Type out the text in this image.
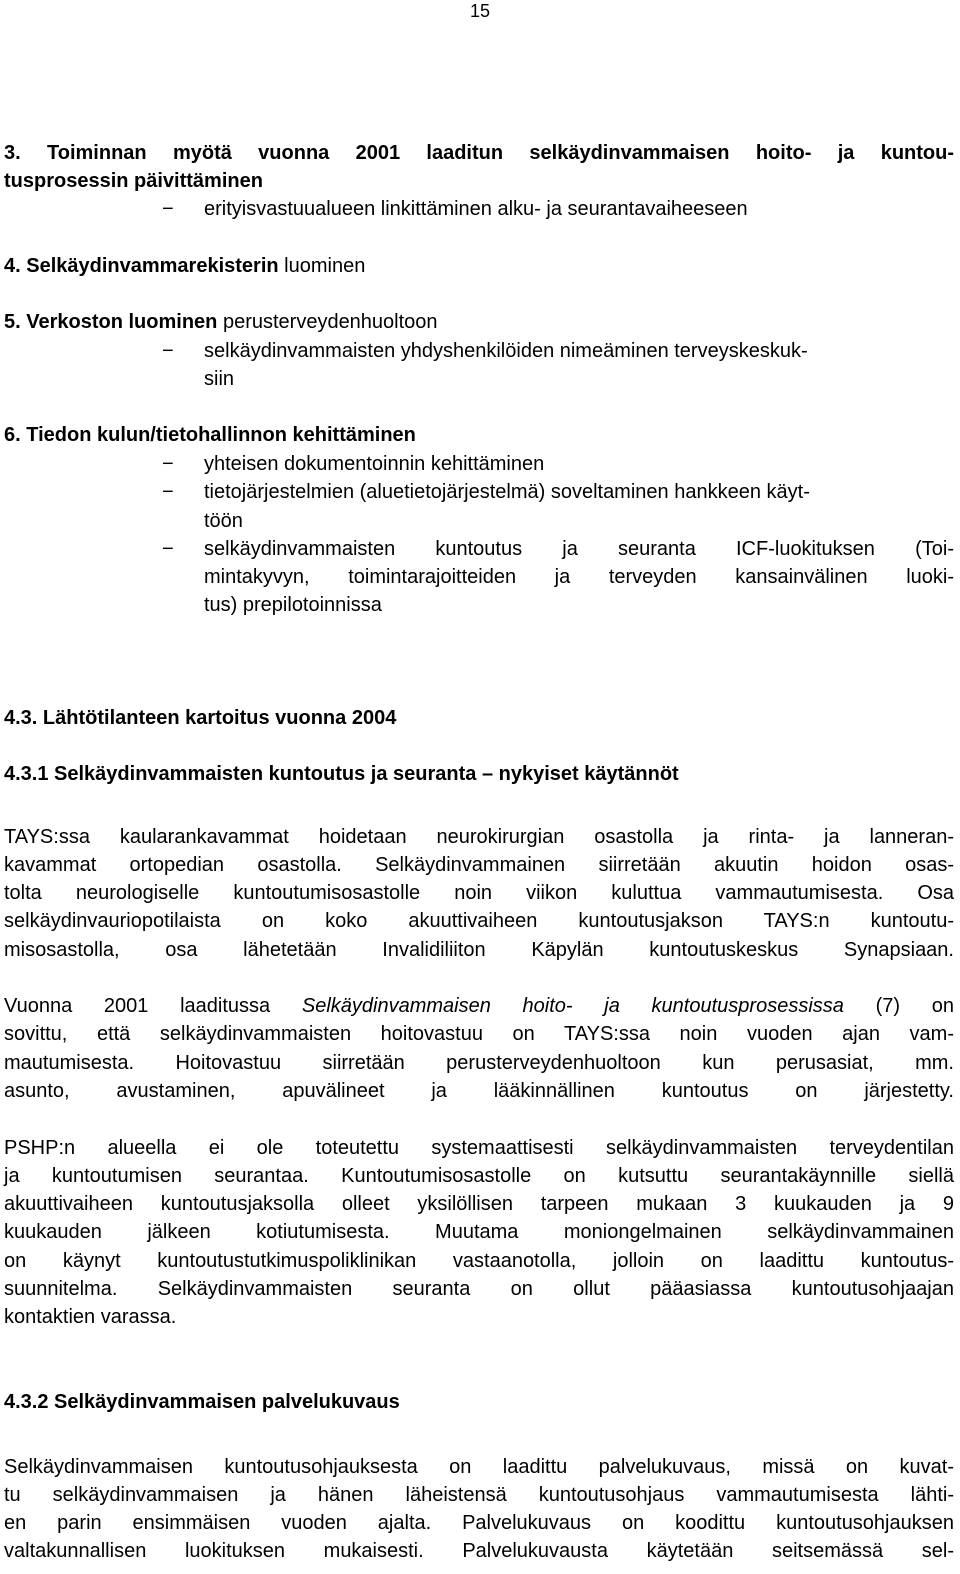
15
3. Toiminnan myötä vuonna 2001 laaditun selkäydinvammaisen hoito- ja kuntou-
tusprosessin päivittäminen
− erityisvastuualueen linkittäminen alku- ja seurantavaiheeseen
4. Selkäydinvammarekisterin luominen
5. Verkoston luominen perusterveydenhuoltoon
− selkäydinvammaisten yhdyshenkilöiden nimeäminen terveyskeskuk-
siin
6. Tiedon kulun/tietohallinnon kehittäminen
− yhteisen dokumentoinnin kehittäminen
− tietojärjestelmien (aluetietojärjestelmä) soveltaminen hankkeen käyt-
töön
− selkäydinvammaisten kuntoutus ja seuranta ICF-luokituksen (Toi-
mintakyvyn, toimintarajoitteiden ja terveyden kansainvälinen luoki-
tus) prepilotoinnissa
4.3. Lähtötilanteen kartoitus vuonna 2004
4.3.1 Selkäydinvammaisten kuntoutus ja seuranta – nykyiset käytännöt
TAYS:ssa kaularankavammat hoidetaan neurokirurgian osastolla ja rinta- ja lanneran-
kavammat ortopedian osastolla. Selkäydinvammainen siirretään akuutin hoidon osas-
tolta neurologiselle kuntoutumisosastolle noin viikon kuluttua vammautumisesta. Osa
selkäydinvauriopotilaista on koko akuuttivaiheen kuntoutusjakson TAYS:n kuntoutu-
misosastolla, osa lähetetään Invalidiliiton Käpylän kuntoutuskeskus Synapsiaan.
Vuonna 2001 laaditussa Selkäydinvammaisen hoito- ja kuntoutusprosessissa (7) on
sovittu, että selkäydinvammaisten hoitovastuu on TAYS:ssa noin vuoden ajan vam-
mautumisesta. Hoitovastuu siirretään perusterveydenhuoltoon kun perusasiat, mm.
asunto, avustaminen, apuvälineet ja lääkinnällinen kuntoutus on järjestetty.
PSHP:n alueella ei ole toteutettu systemaattisesti selkäydinvammaisten terveydentilan
ja kuntoutumisen seurantaa. Kuntoutumisosastolle on kutsuttu seurantakäynnille siellä
akuuttivaiheen kuntoutusjaksolla olleet yksilöllisen tarpeen mukaan 3 kuukauden ja 9
kuukauden jälkeen kotiutumisesta. Muutama moniongelmainen selkäydinvammainen
on käynyt kuntoutustutkimuspoliklinikan vastaanotolla, jolloin on laadittu kuntoutus-
suunnitelma. Selkäydinvammaisten seuranta on ollut pääasiassa kuntoutusohjaajan
kontaktien varassa.
4.3.2 Selkäydinvammaisen palvelukuvaus
Selkäydinvammaisen kuntoutusohjauksesta on laadittu palvelukuvaus, missä on kuvat-
tu selkäydinvammaisen ja hänen läheistensä kuntoutusohjaus vammautumisesta lähti-
en parin ensimmäisen vuoden ajalta. Palvelukuvaus on koodittu kuntoutusohjauksen
valtakunnallisen luokituksen mukaisesti. Palvelukuvausta käytetään seitsemässä sel-
